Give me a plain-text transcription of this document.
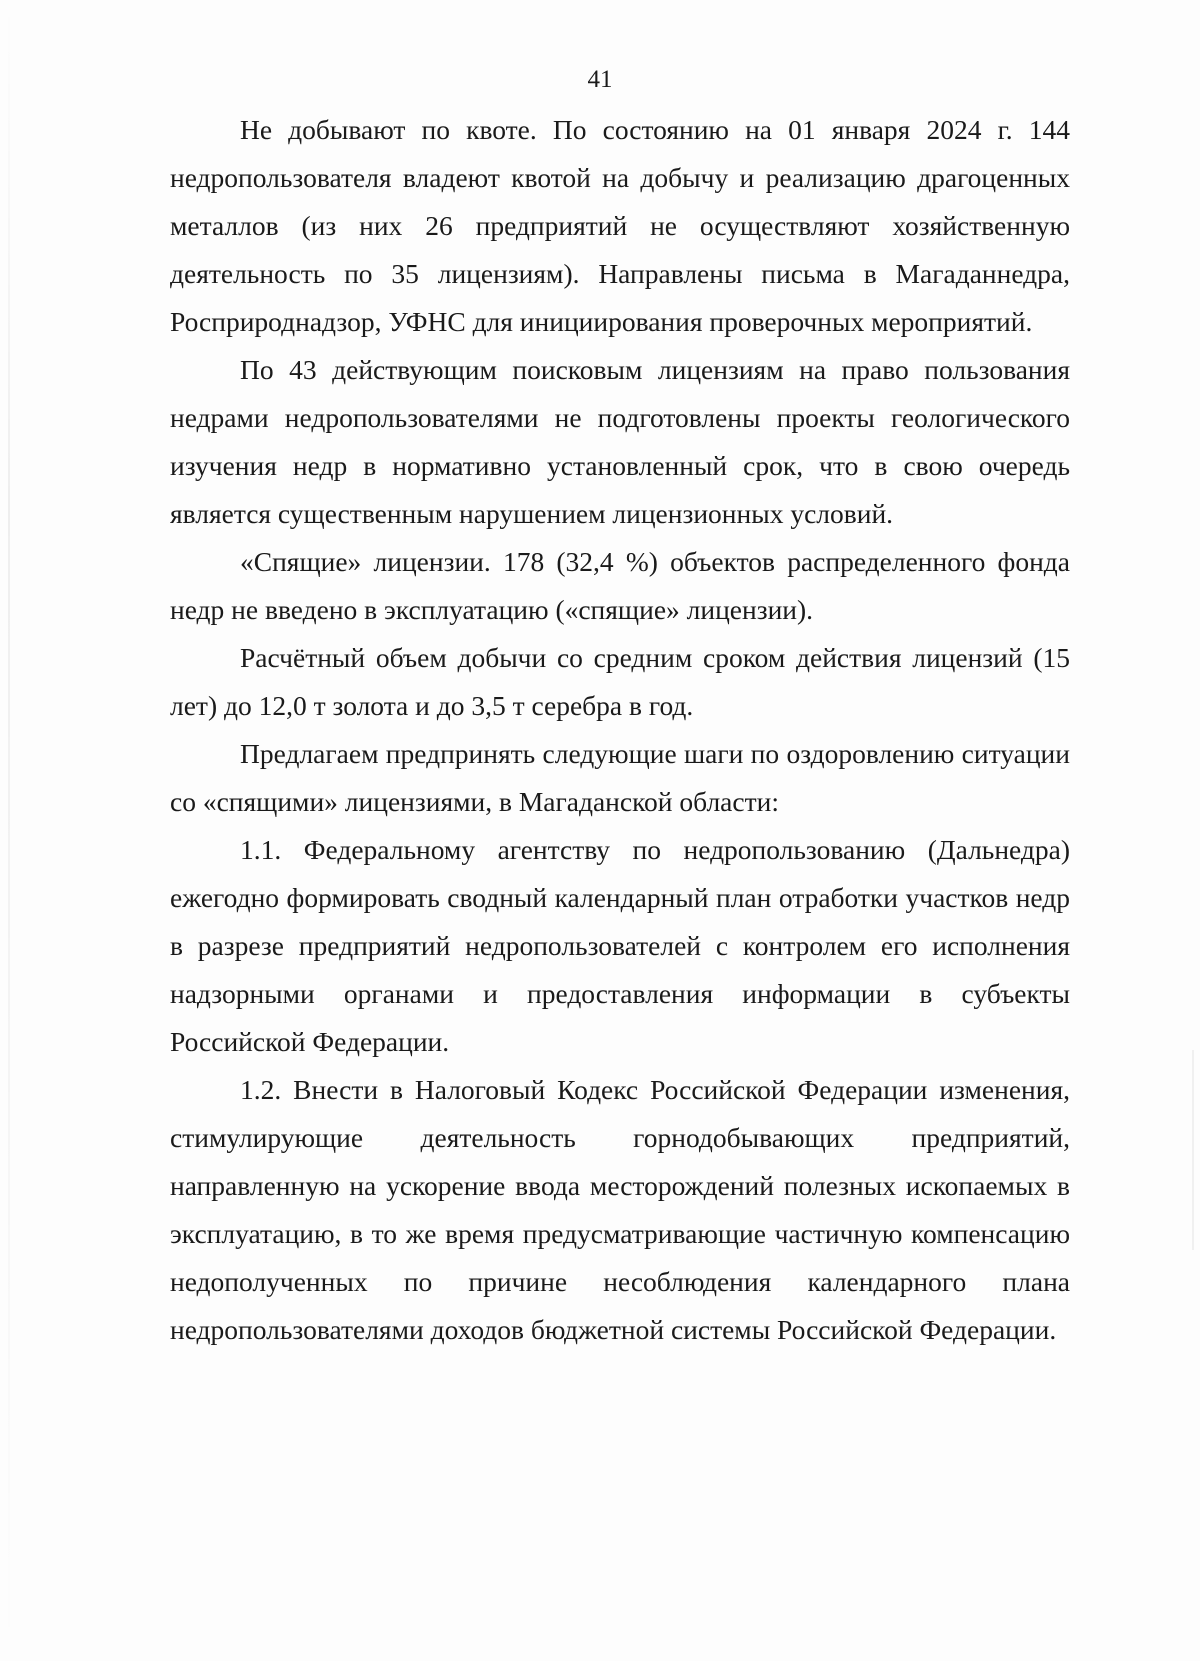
41

Не добывают по квоте. По состоянию на 01 января 2024 г. 144 недропользователя владеют квотой на добычу и реализацию драгоценных металлов (из них 26 предприятий не осуществляют хозяйственную деятельность по 35 лицензиям). Направлены письма в Магаданнедра, Росприроднадзор, УФНС для инициирования проверочных мероприятий.

По 43 действующим поисковым лицензиям на право пользования недрами недропользователями не подготовлены проекты геологического изучения недр в нормативно установленный срок, что в свою очередь является существенным нарушением лицензионных условий.

«Спящие» лицензии. 178 (32,4 %) объектов распределенного фонда недр не введено в эксплуатацию («спящие» лицензии).

Расчётный объем добычи со средним сроком действия лицензий (15 лет) до 12,0 т золота и до 3,5 т серебра в год.

Предлагаем предпринять следующие шаги по оздоровлению ситуации со «спящими» лицензиями, в Магаданской области:

1.1. Федеральному агентству по недропользованию (Дальнедра) ежегодно формировать сводный календарный план отработки участков недр в разрезе предприятий недропользователей с контролем его исполнения надзорными органами и предоставления информации в субъекты Российской Федерации.

1.2. Внести в Налоговый Кодекс Российской Федерации изменения, стимулирующие деятельность горнодобывающих предприятий, направленную на ускорение ввода месторождений полезных ископаемых в эксплуатацию, в то же время предусматривающие частичную компенсацию недополученных по причине несоблюдения календарного плана недропользователями доходов бюджетной системы Российской Федерации.
